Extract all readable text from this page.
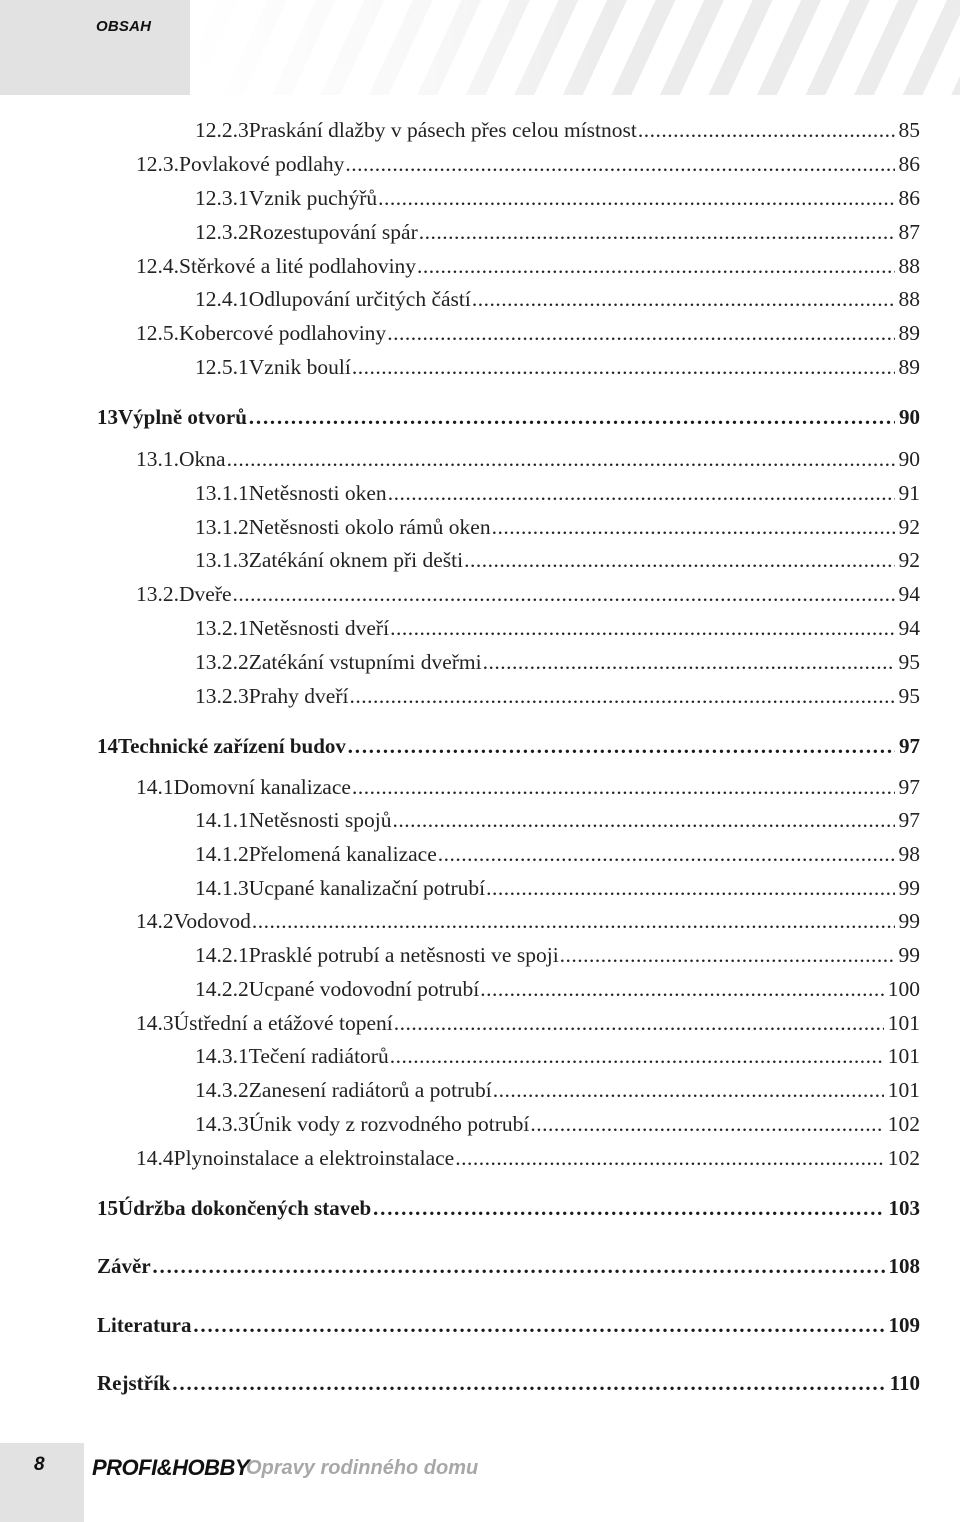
OBSAH
12.2.3 Praskání dlažby v pásech přes celou místnost .....	85
12.3. Povlakové podlahy .....	86
12.3.1 Vznik puchýřů .....	86
12.3.2 Rozestupování spár .....	87
12.4. Stěrkové a lité podlahoviny .....	88
12.4.1 Odlupování určitých částí .....	88
12.5. Kobercové podlahoviny .....	89
12.5.1 Vznik boulí .....	89
13 Výplně otvorů ………………………………………………………………………………………………………………………………………………………………	90
13.1. Okna .....	90
13.1.1 Netěsnosti oken .....	91
13.1.2 Netěsnosti okolo rámů oken .....	92
13.1.3 Zatékání oknem při dešti .....	92
13.2. Dveře .....	94
13.2.1 Netěsnosti dveří .....	94
13.2.2 Zatékání vstupními dveřmi .....	95
13.2.3 Prahy dveří .....	95
14 Technické zařízení budov ………………………………………………………………………………………………………………………………………………………………	97
14.1 Domovní kanalizace .....	97
14.1.1 Netěsnosti spojů .....	97
14.1.2 Přelomená kanalizace .....	98
14.1.3 Ucpané kanalizační potrubí .....	99
14.2 Vodovod .....	99
14.2.1 Prasklé potrubí a netěsnosti ve spoji .....	99
14.2.2 Ucpané vodovodní potrubí .....	100
14.3 Ústřední a etážové topení .....	101
14.3.1 Tečení radiátorů .....	101
14.3.2 Zanesení radiátorů a potrubí .....	101
14.3.3 Únik vody z rozvodného potrubí .....	102
14.4 Plynoinstalace a elektroinstalace .....	102
15 Údržba dokončených staveb ………………………………………………………………………………………………………………………………………………………………	103
Závěr ………………………………………………………………………………………………………………………………………………………………	108
Literatura ………………………………………………………………………………………………………………………………………………………………	109
Rejstřík ………………………………………………………………………………………………………………………………………………………………	110
8 PROFI&HOBBY
Opravy rodinného domu
